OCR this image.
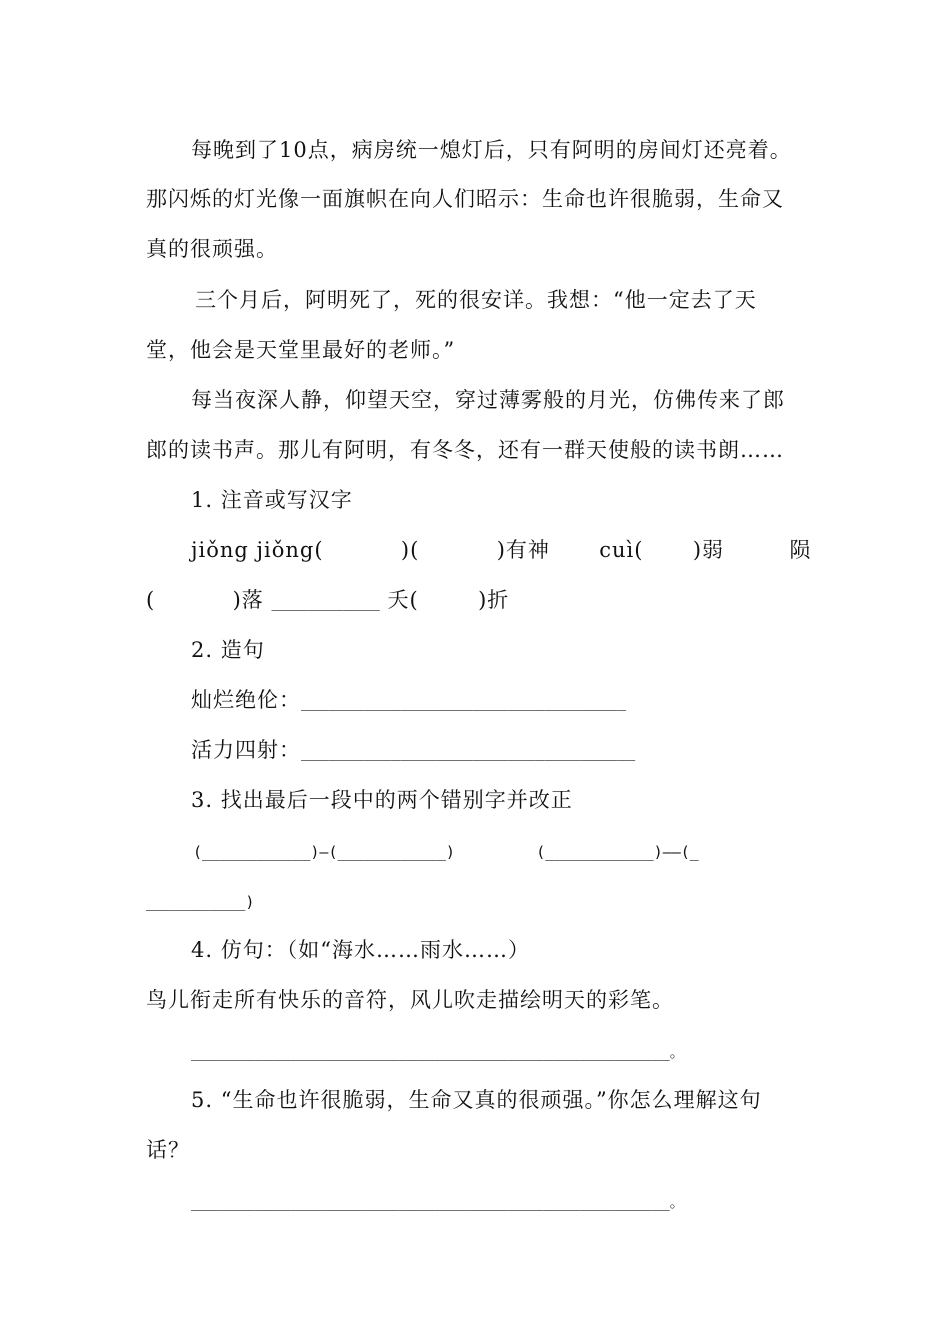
每晚到了10点，病房统一熄灯后，只有阿明的房间灯还亮着。
那闪烁的灯光像一面旗帜在向人们昭示：生命也许很脆弱，生命又
真的很顽强。
三个月后，阿明死了，死的很安详。我想：“他一定去了天
堂，他会是天堂里最好的老师。”
每当夜深人静，仰望天空，穿过薄雾般的月光，仿佛传来了郎
郎的读书声。那儿有阿明，有冬冬，还有一群天使般的读书朗……
1. 注音或写汉字
jiǒng jiǒng(	)(	)有神 cuì( )弱	陨
(	)落 ____________ 夭(	)折
2. 造句
灿烂绝伦：____________________________________
活力四射：_____________________________________
3. 找出最后一段中的两个错别字并改正
(____________)—(____________)	(____________)——(_
___________)
4. 仿句：（如“海水……雨水……）
鸟儿衔走所有快乐的音符，风儿吹走描绘明天的彩笔。
_____________________________________________________。
5. “生命也许很脆弱，生命又真的很顽强。”你怎么理解这句
话？
_____________________________________________________。
